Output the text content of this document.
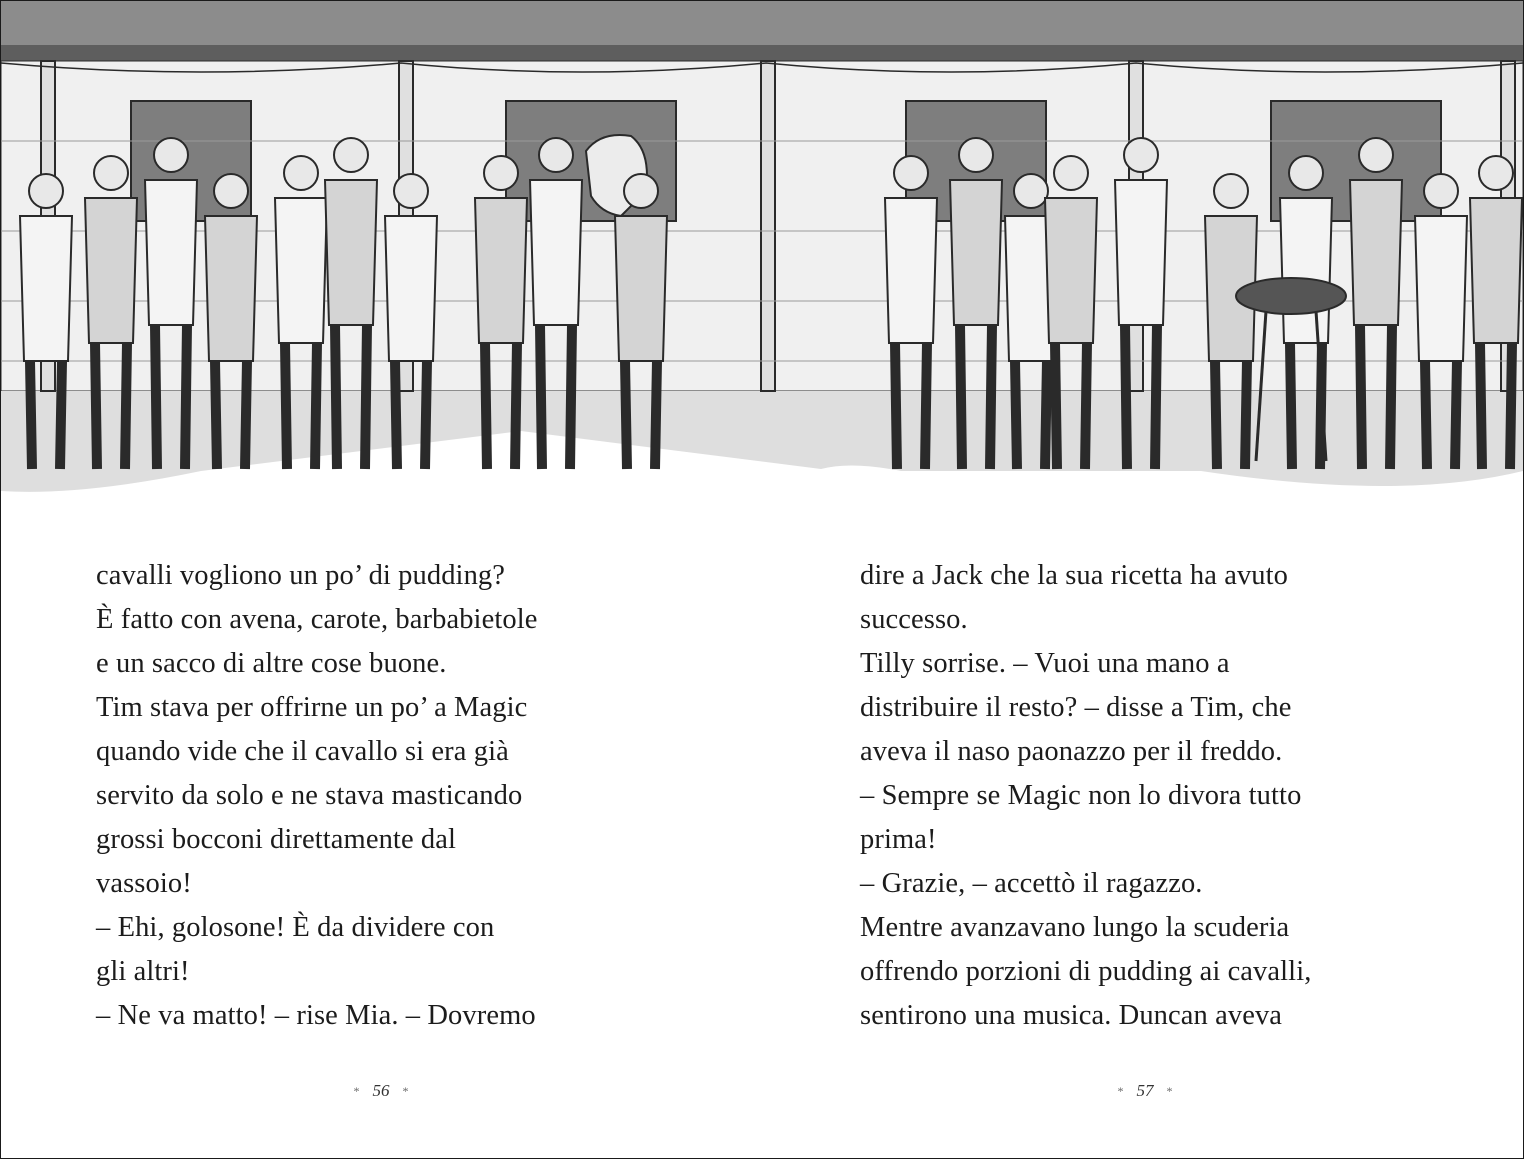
cavalli vogliono un po’ di pudding?
È fatto con avena, carote, barbabietole
e un sacco di altre cose buone.
Tim stava per offrirne un po’ a Magic
quando vide che il cavallo si era già
servito da solo e ne stava masticando
grossi bocconi direttamente dal
vassoio!
– Ehi, golosone! È da dividere con
gli altri!
– Ne va matto! – rise Mia. – Dovremo
dire a Jack che la sua ricetta ha avuto
successo.
Tilly sorrise. – Vuoi una mano a
distribuire il resto? – disse a Tim, che
aveva il naso paonazzo per il freddo.
– Sempre se Magic non lo divora tutto
prima!
– Grazie, – accettò il ragazzo.
Mentre avanzavano lungo la scuderia
offrendo porzioni di pudding ai cavalli,
sentirono una musica. Duncan aveva
* 56 *	* 57 *
